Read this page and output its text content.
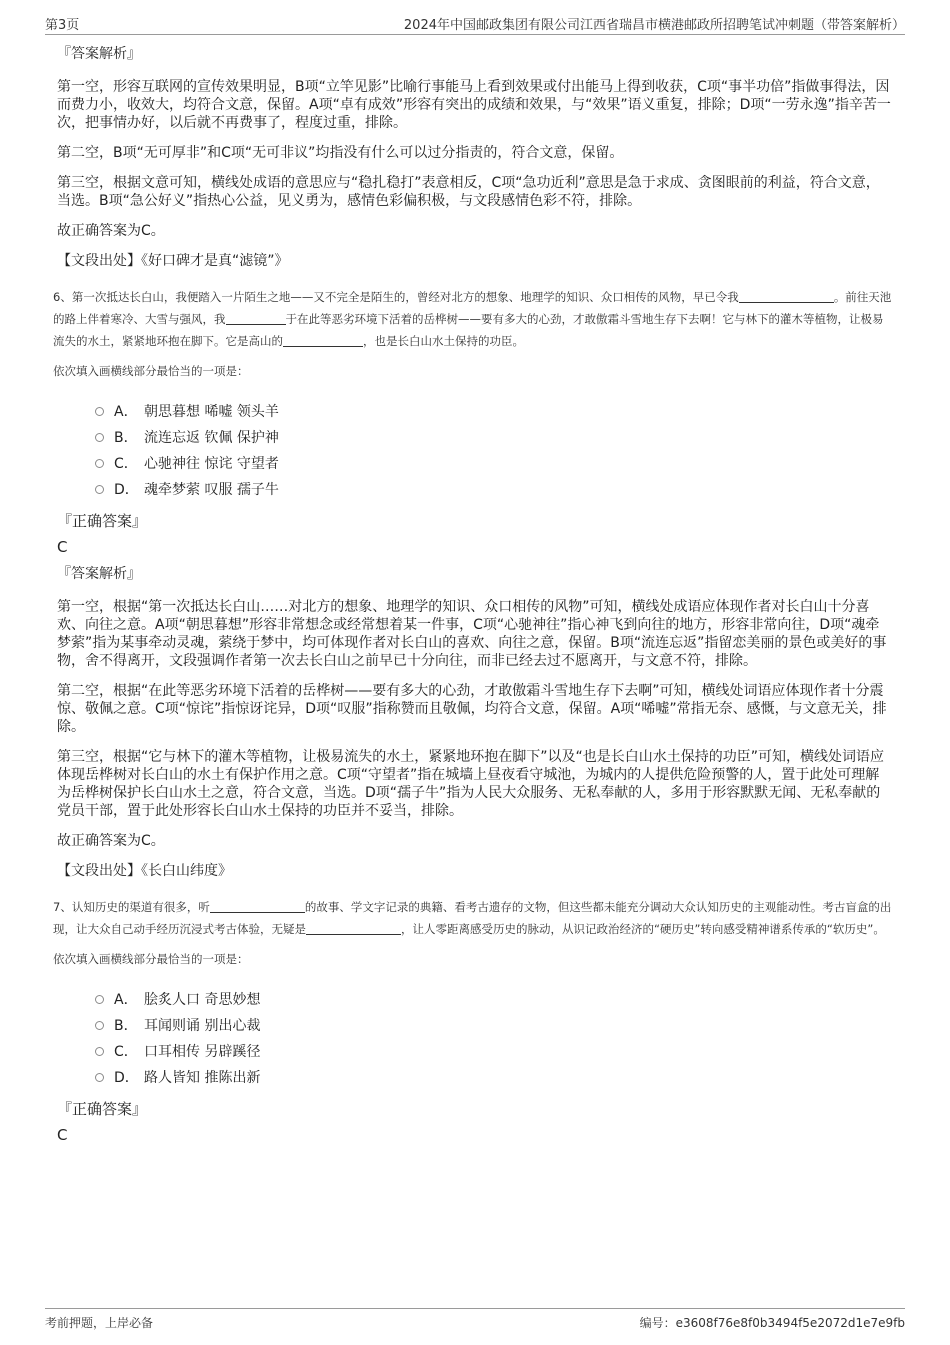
第3页	2024年中国邮政集团有限公司江西省瑞昌市横港邮政所招聘笔试冲刺题（带答案解析）
『答案解析』
第一空，形容互联网的宣传效果明显，B项“立竿见影”比喻行事能马上看到效果或付出能马上得到收获，C项“事半功倍”指做事得法，因而费力小，收效大，均符合文意，保留。A项“卓有成效”形容有突出的成绩和效果，与“效果”语义重复，排除；D项“一劳永逸”指辛苦一次，把事情办好，以后就不再费事了，程度过重，排除。
第二空，B项“无可厚非”和C项“无可非议”均指没有什么可以过分指责的，符合文意，保留。
第三空，根据文意可知，横线处成语的意思应与“稳扎稳打”表意相反，C项“急功近利”意思是急于求成、贪图眼前的利益，符合文意，当选。B项“急公好义”指热心公益，见义勇为，感情色彩偏积极，与文段感情色彩不符，排除。
故正确答案为C。
【文段出处】《好口碑才是真“滤镜”》
6、第一次抵达长白山，我便踏入一片陌生之地——又不完全是陌生的，曾经对北方的想象、地理学的知识、众口相传的风物，早已令我	。前往天池的路上伴着寒冷、大雪与强风，我	于在此等恶劣环境下活着的岳桦树——要有多大的心劲，才敢傲霜斗雪地生存下去啊！它与林下的灌木等植物，让极易流失的水土，紧紧地环抱在脚下。它是高山的	，也是长白山水土保持的功臣。
依次填入画横线部分最恰当的一项是：
A． 朝思暮想 唏嘘 领头羊
B． 流连忘返 钦佩 保护神
C． 心驰神往 惊诧 守望者
D． 魂牵梦萦 叹服 孺子牛
『正确答案』
C
『答案解析』
第一空，根据“第一次抵达长白山……对北方的想象、地理学的知识、众口相传的风物”可知，横线处成语应体现作者对长白山十分喜欢、向往之意。A项“朝思暮想”形容非常想念或经常想着某一件事，C项“心驰神往”指心神飞到向往的地方，形容非常向往，D项“魂牵梦萦”指为某事牵动灵魂，萦绕于梦中，均可体现作者对长白山的喜欢、向往之意，保留。B项“流连忘返”指留恋美丽的景色或美好的事物，舍不得离开，文段强调作者第一次去长白山之前早已十分向往，而非已经去过不愿离开，与文意不符，排除。
第二空，根据“在此等恶劣环境下活着的岳桦树——要有多大的心劲，才敢傲霜斗雪地生存下去啊”可知，横线处词语应体现作者十分震惊、敬佩之意。C项“惊诧”指惊讶诧异，D项“叹服”指称赞而且敬佩，均符合文意，保留。A项“唏嘘”常指无奈、感慨，与文意无关，排除。
第三空，根据“它与林下的灌木等植物，让极易流失的水土，紧紧地环抱在脚下”以及“也是长白山水土保持的功臣”可知，横线处词语应体现岳桦树对长白山的水土有保护作用之意。C项“守望者”指在城墙上昼夜看守城池，为城内的人提供危险预警的人，置于此处可理解为岳桦树保护长白山水土之意，符合文意，当选。D项“孺子牛”指为人民大众服务、无私奉献的人，多用于形容默默无闻、无私奉献的党员干部，置于此处形容长白山水土保持的功臣并不妥当，排除。
故正确答案为C。
【文段出处】《长白山纬度》
7、认知历史的渠道有很多，听	的故事、学文字记录的典籍、看考古遗存的文物，但这些都未能充分调动大众认知历史的主观能动性。考古盲盒的出现，让大众自己动手经历沉浸式考古体验，无疑是	，让人零距离感受历史的脉动，从识记政治经济的“硬历史”转向感受精神谱系传承的“软历史”。
依次填入画横线部分最恰当的一项是：
A． 脍炙人口 奇思妙想
B． 耳闻则诵 别出心裁
C． 口耳相传 另辟蹊径
D． 路人皆知 推陈出新
『正确答案』
C
考前押题，上岸必备	编号：e3608f76e8f0b3494f5e2072d1e7e9fb
